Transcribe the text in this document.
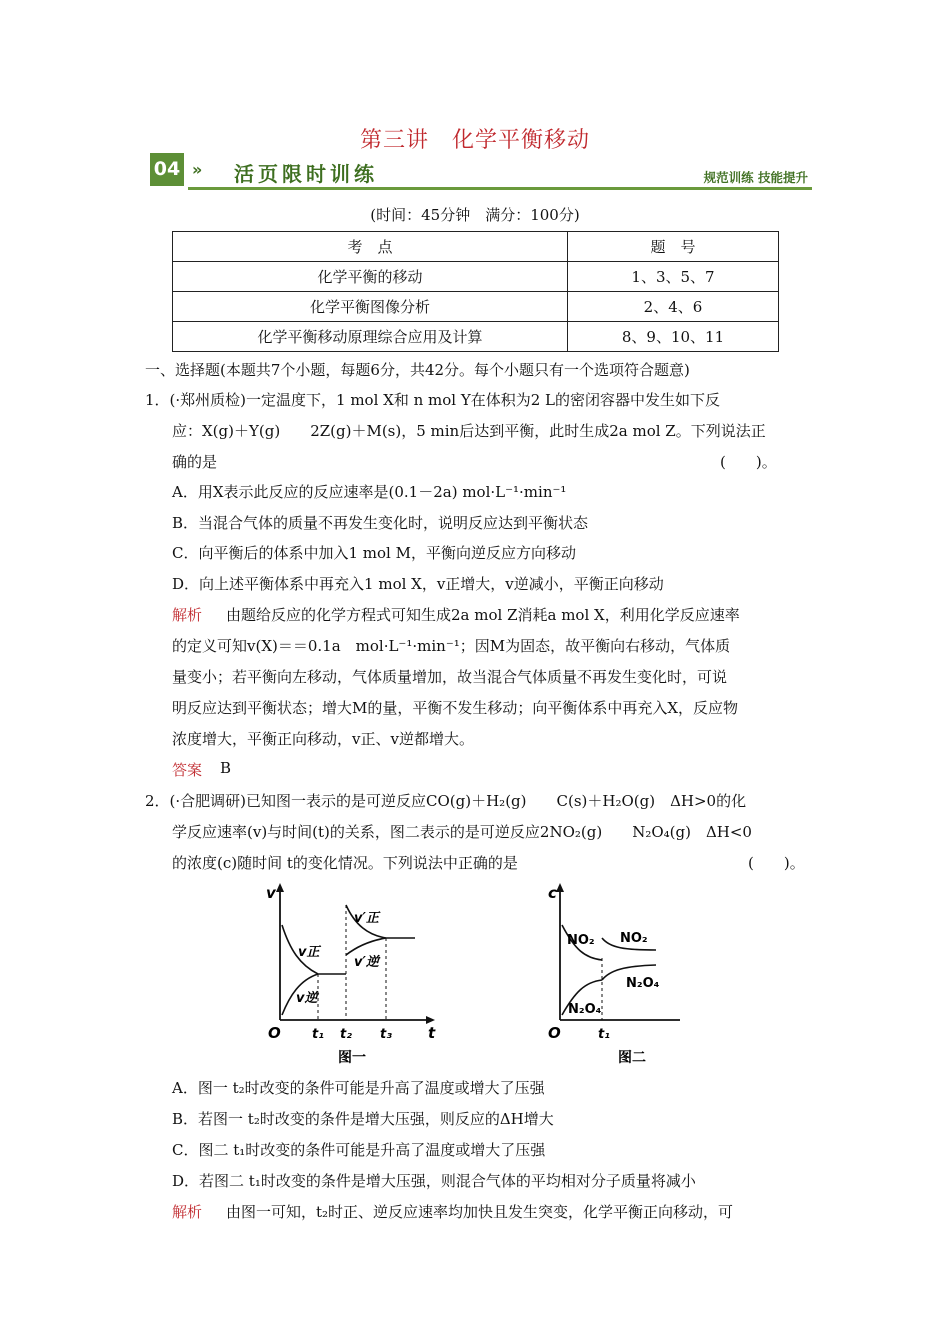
第三讲　化学平衡移动
04 » 活页限时训练	规范训练 技能提升
(时间：45分钟　满分：100分)
考　点	题　号
化学平衡的移动	1、3、5、7
化学平衡图像分析	2、4、6
化学平衡移动原理综合应用及计算	8、9、10、11
一、选择题(本题共7个小题，每题6分，共42分。每个小题只有一个选项符合题意)
1．(·郑州质检)一定温度下，1 mol X和 n mol Y在体积为2 L的密闭容器中发生如下反
应：X(g)＋Y(g)　　2Z(g)＋M(s)，5 min后达到平衡，此时生成2a mol Z。下列说法正
确的是	(　　)。
A．用X表示此反应的反应速率是(0.1－2a) mol·L⁻¹·min⁻¹
B．当混合气体的质量不再发生变化时，说明反应达到平衡状态
C．向平衡后的体系中加入1 mol M，平衡向逆反应方向移动
D．向上述平衡体系中再充入1 mol X，v正增大，v逆减小，平衡正向移动
解析 由题给反应的化学方程式可知生成2a mol Z消耗a mol X，利用化学反应速率
的定义可知v(X)＝＝0.1a　mol·L⁻¹·min⁻¹；因M为固态，故平衡向右移动，气体质
量变小；若平衡向左移动，气体质量增加，故当混合气体质量不再发生变化时，可说
明反应达到平衡状态；增大M的量，平衡不发生移动；向平衡体系中再充入X，反应物
浓度增大，平衡正向移动，v正、v逆都增大。
答案 B
2．(·合肥调研)已知图一表示的是可逆反应CO(g)＋H₂(g)　　C(s)＋H₂O(g)　ΔH>0的化
学反应速率(v)与时间(t)的关系，图二表示的是可逆反应2NO₂(g)　　N₂O₄(g)　ΔH<0
的浓度(c)随时间 t的变化情况。下列说法中正确的是	(　　)。
v
O	t
t₁ t₂ t₃
v正
v逆
v′正
v′逆
图一
c
O	t₁
NO₂ NO₂
N₂O₄
N₂O₄
图二
A．图一 t₂时改变的条件可能是升高了温度或增大了压强
B．若图一 t₂时改变的条件是增大压强，则反应的ΔH增大
C．图二 t₁时改变的条件可能是升高了温度或增大了压强
D．若图二 t₁时改变的条件是增大压强，则混合气体的平均相对分子质量将减小
解析 由图一可知，t₂时正、逆反应速率均加快且发生突变，化学平衡正向移动，可
